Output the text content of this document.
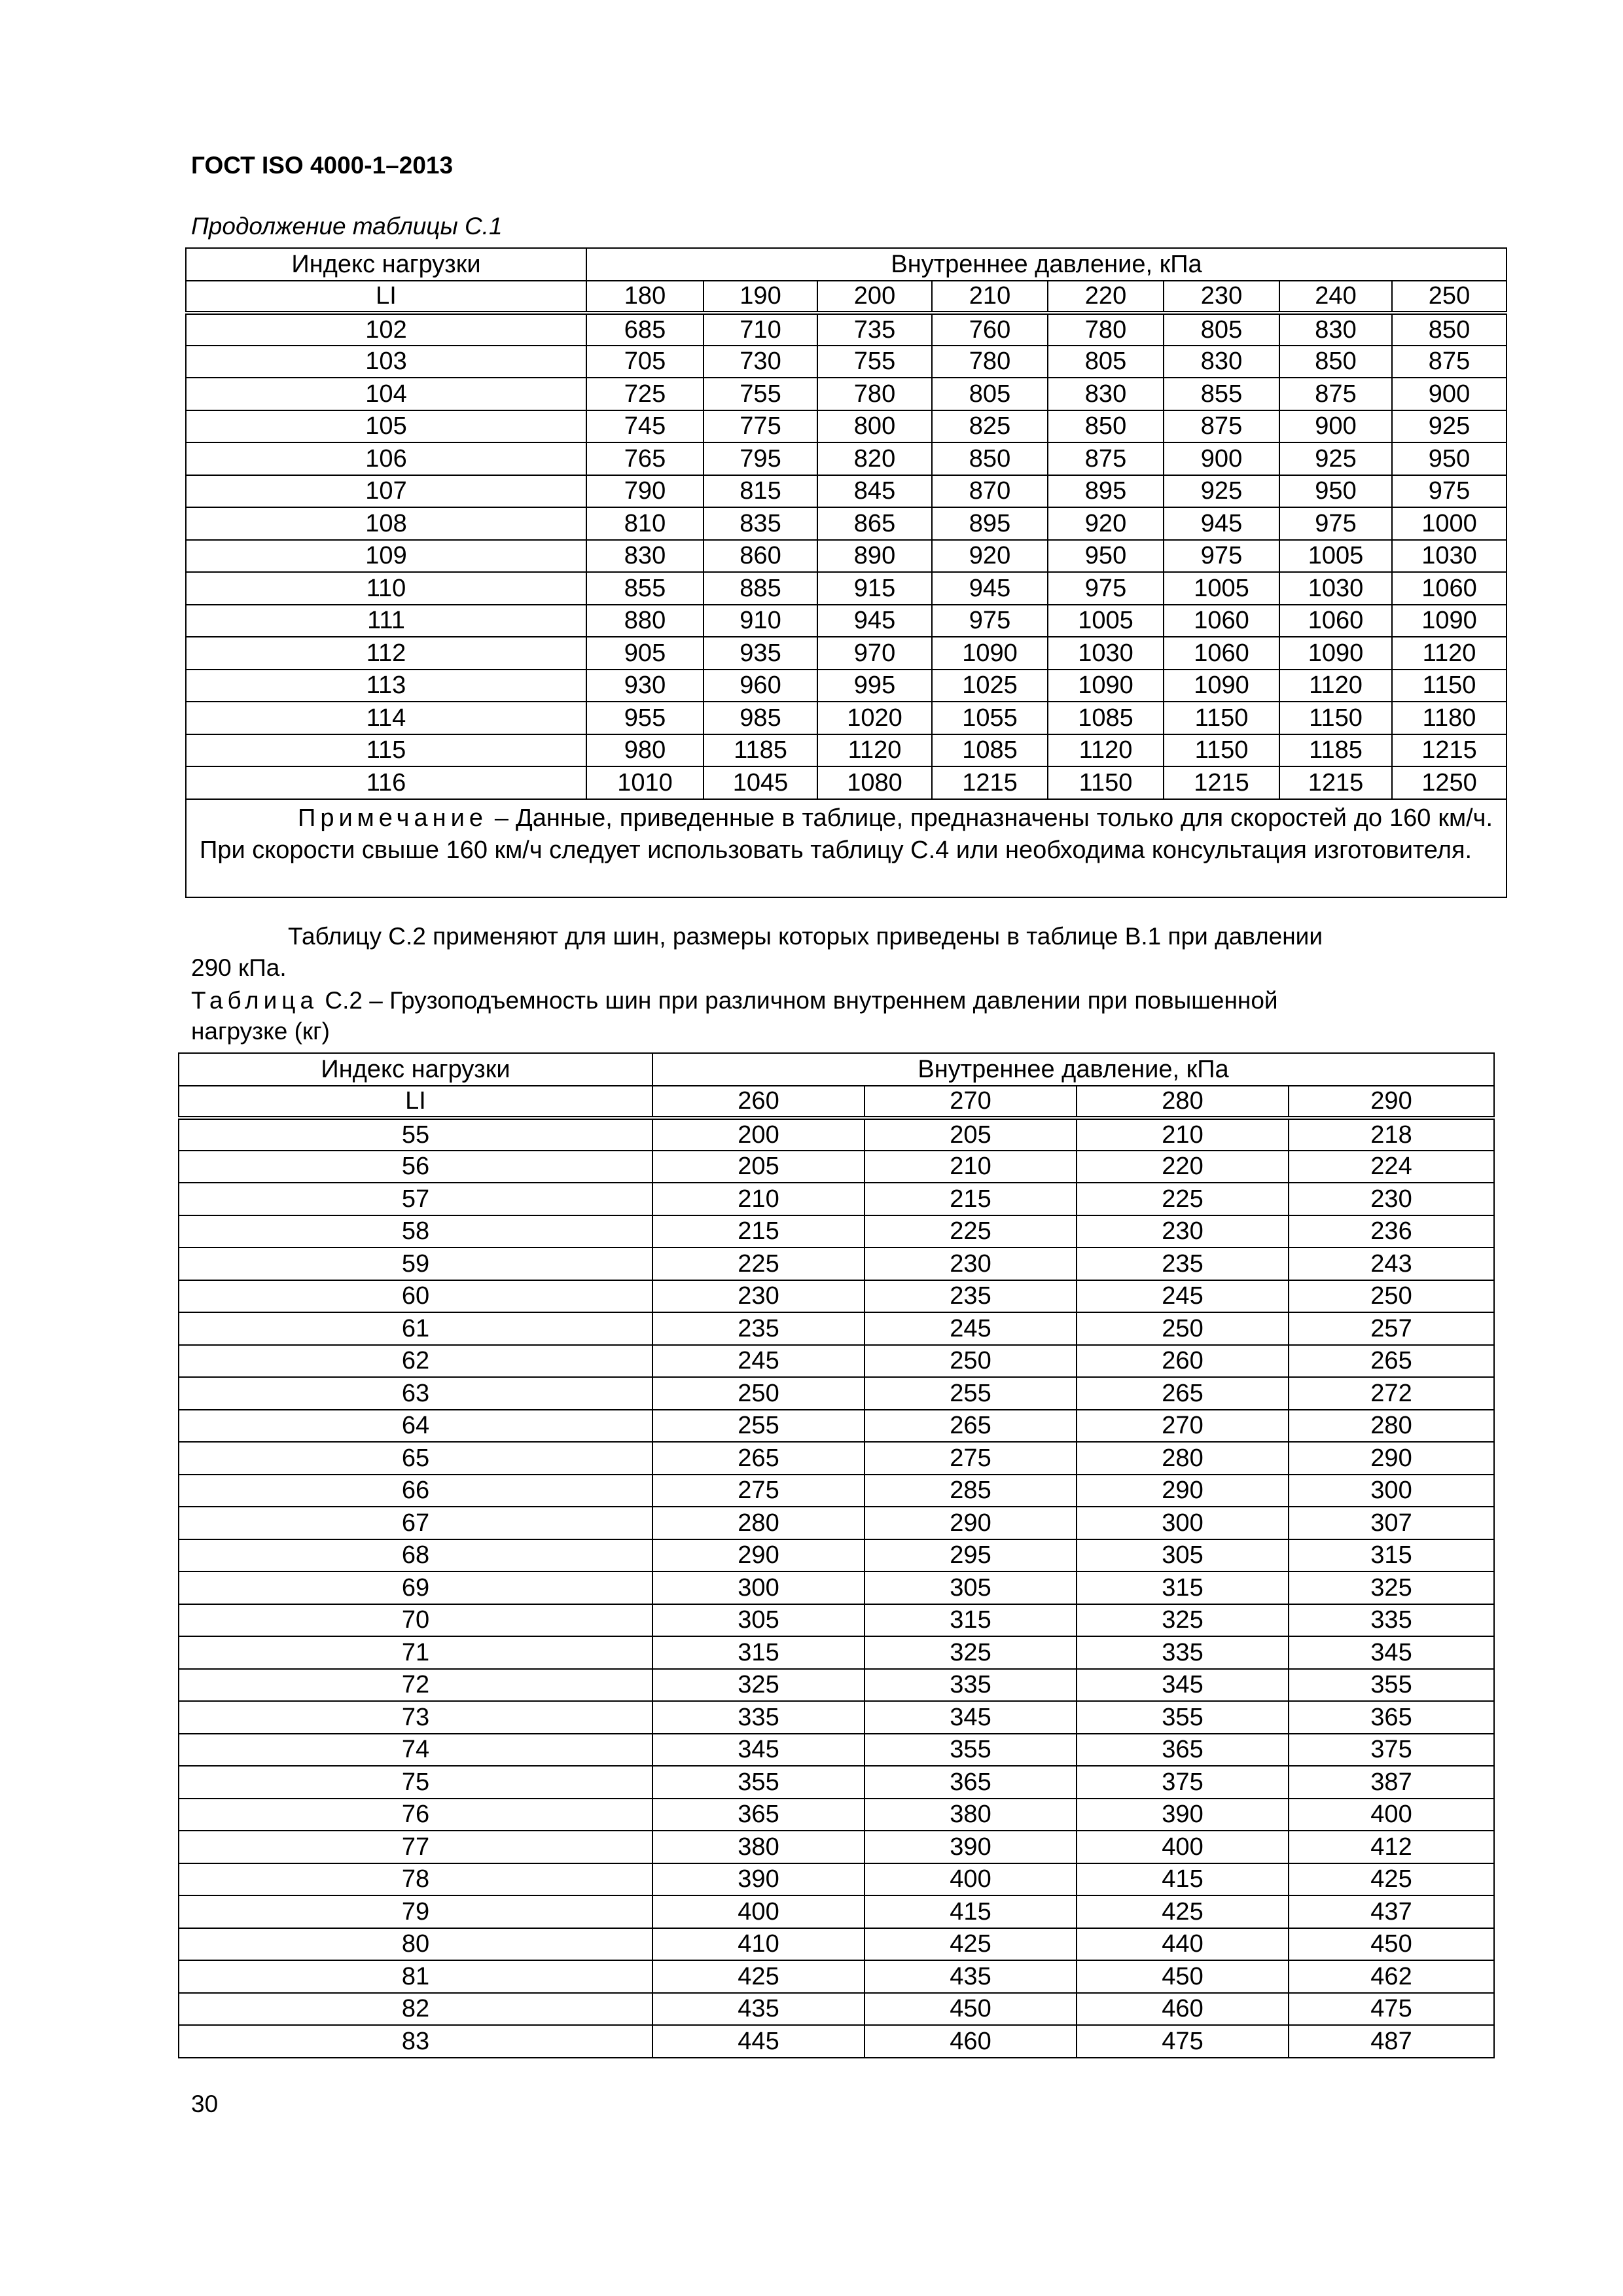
ГОСТ ISO 4000-1–2013
Продолжение таблицы С.1
Индекс нагрузки	Внутреннее давление, кПа							
LI	180	190	200	210	220	230	240	250
102	685	710	735	760	780	805	830	850
103	705	730	755	780	805	830	850	875
104	725	755	780	805	830	855	875	900
105	745	775	800	825	850	875	900	925
106	765	795	820	850	875	900	925	950
107	790	815	845	870	895	925	950	975
108	810	835	865	895	920	945	975	1000
109	830	860	890	920	950	975	1005	1030
110	855	885	915	945	975	1005	1030	1060
111	880	910	945	975	1005	1060	1060	1090
112	905	935	970	1090	1030	1060	1090	1120
113	930	960	995	1025	1090	1090	1120	1150
114	955	985	1020	1055	1085	1150	1150	1180
115	980	1185	1120	1085	1120	1150	1185	1215
116	1010	1045	1080	1215	1150	1215	1215	1250
Примечание – Данные, приведенные в таблице, предназначены только для скоростей до 160 км/ч. При скорости свыше 160 км/ч следует использовать таблицу С.4 или необходима консультация изготовителя.								
Таблицу С.2 применяют для шин, размеры которых приведены в таблице В.1 при давлении
290 кПа.
Таблица С.2 – Грузоподъемность шин при различном внутреннем давлении при повышенной
нагрузке (кг)
Индекс нагрузки	Внутреннее давление, кПа			
LI	260	270	280	290
55	200	205	210	218
56	205	210	220	224
57	210	215	225	230
58	215	225	230	236
59	225	230	235	243
60	230	235	245	250
61	235	245	250	257
62	245	250	260	265
63	250	255	265	272
64	255	265	270	280
65	265	275	280	290
66	275	285	290	300
67	280	290	300	307
68	290	295	305	315
69	300	305	315	325
70	305	315	325	335
71	315	325	335	345
72	325	335	345	355
73	335	345	355	365
74	345	355	365	375
75	355	365	375	387
76	365	380	390	400
77	380	390	400	412
78	390	400	415	425
79	400	415	425	437
80	410	425	440	450
81	425	435	450	462
82	435	450	460	475
83	445	460	475	487
30
